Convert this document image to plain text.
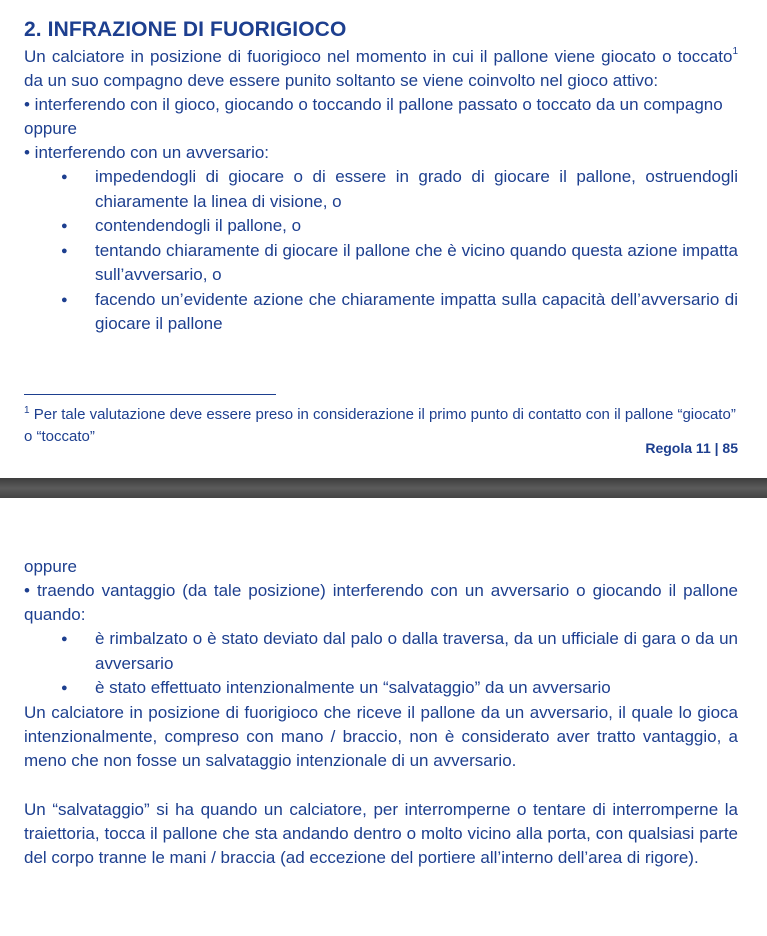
2. INFRAZIONE DI FUORIGIOCO

Un calciatore in posizione di fuorigioco nel momento in cui il pallone viene giocato o toccato$^1$ da un suo compagno deve essere punito soltanto se viene coinvolto nel gioco attivo:

• interferendo con il gioco, giocando o toccando il pallone passato o toccato da un compagno

oppure

• interferendo con un avversario:

● impedendogli di giocare o di essere in grado di giocare il pallone, ostruendogli chiaramente la linea di visione, o
● contendendogli il pallone, o
● tentando chiaramente di giocare il pallone che è vicino quando questa azione impatta sull’avversario, o
● facendo un’evidente azione che chiaramente impatta sulla capacità dell’avversario di giocare il pallone
$^1$ Per tale valutazione deve essere preso in considerazione il primo punto di contatto con il pallone “giocato” o “toccato”
Regola 11 | 85

oppure

• traendo vantaggio (da tale posizione) interferendo con un avversario o giocando il pallone quando:

● è rimbalzato o è stato deviato dal palo o dalla traversa, da un ufficiale di gara o da un avversario
● è stato effettuato intenzionalmente un “salvataggio” da un avversario

Un calciatore in posizione di fuorigioco che riceve il pallone da un avversario, il quale lo gioca intenzionalmente, compreso con mano / braccio, non è considerato aver tratto vantaggio, a meno che non fosse un salvataggio intenzionale di un avversario.

Un “salvataggio” si ha quando un calciatore, per interromperne o tentare di interromperne la traiettoria, tocca il pallone che sta andando dentro o molto vicino alla porta, con qualsiasi parte del corpo tranne le mani / braccia (ad eccezione del portiere all’interno dell’area di rigore).
